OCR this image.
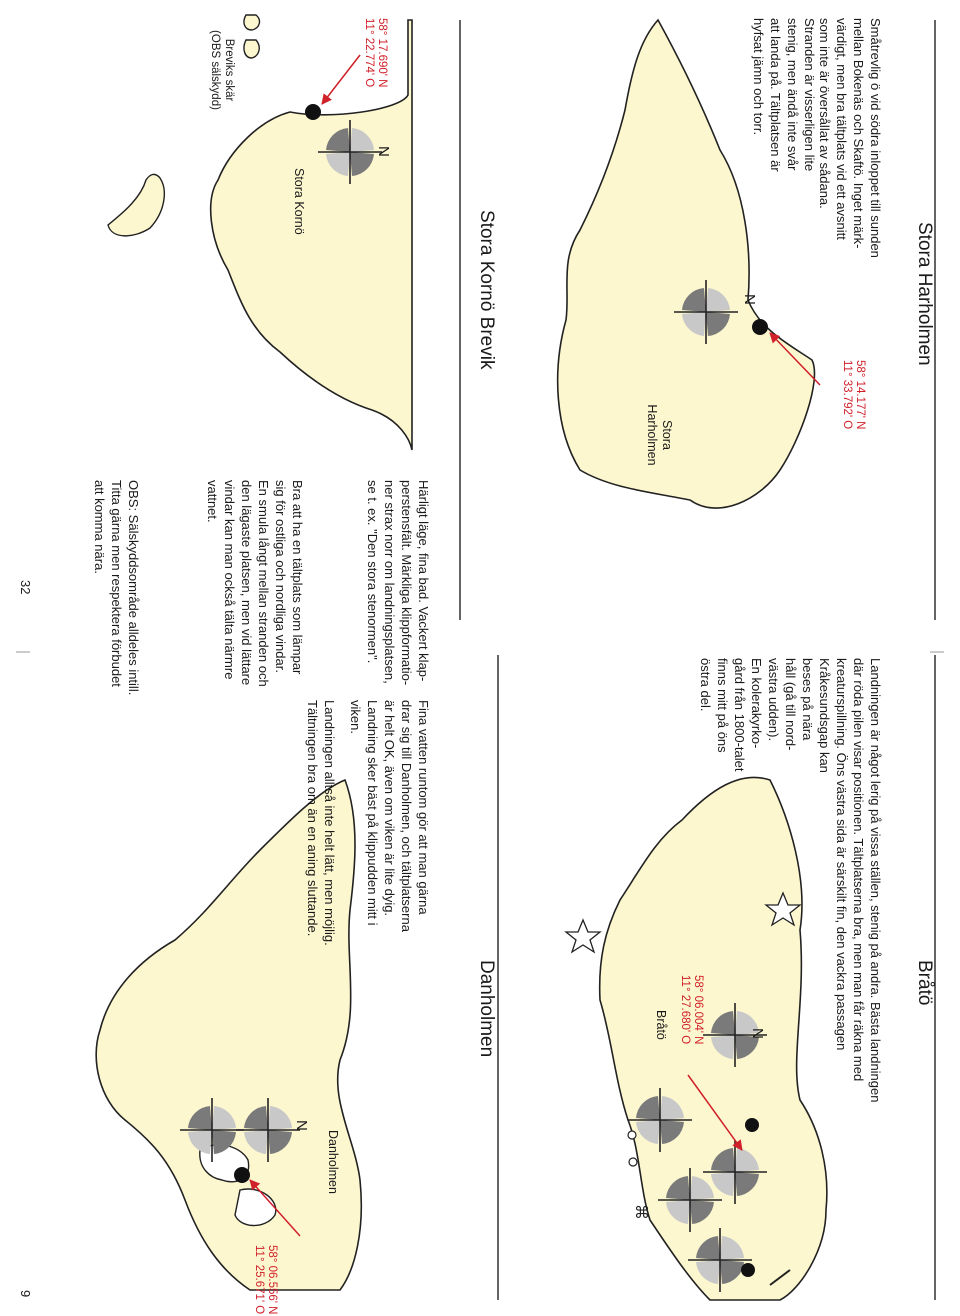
⌘
Stora Harholmen
Småtrevlig ö vid södra inloppet till sunden
mellan Bokenäs och Skaftö. Inget märk-
värdigt, men bra tältplats vid ett avsnitt
som inte är översållat av sådana.
Stranden är visserligen lite
stenig, men ändå inte svår
att landa på. Tältplatsen är
hyfsat jämn och torr.
58° 14.177' N
11° 33.792' O
Stora
Harholmen
N
Stora Kornö Brevik
Härligt läge, fina bad. Vackert klap-
perstensfält. Märkliga klippformatio-
ner strax norr om landningsplatsen,
se t. ex. "Den stora stenormen".
Bra att ha en tältplats som lämpar
sig för ostliga och nordliga vindar.
En smula långt mellan stranden och
den lägaste platsen, men vid lättare
vindar kan man också tälta närmre
vattnet.
OBS: Sälskyddsområde alldeles intill.
Titta gärna men respektera förbudet
att komma nära.
58° 17.690' N
11° 22.774' O
Stora Kornö
Breviks skär
(OBS sälskydd)
N
32
Bråtö
Landningen är något lerig på vissa ställen, stenig på andra. Bästa landningen
där röda pilen visar positionen. Tältplatserna bra, men man får räkna med
kreaturspillning. Öns västra sida är särskilt fin, den vackra passagen
Kråkesundsgap kan
beses på nära
håll (gå till nord-
västra udden).
En kolerakyrko-
gård från 1800-talet
finns mitt på öns
östra del.
58° 06.004' N
11° 27.680' O
Bråtö	N
Danholmen
Fina vatten runtom gör att man gärna
drar sig till Danholmen, och tältplatserna
är helt OK, även om viken är lite dyig.
Landning sker bäst på klippudden mitt i
viken.
Landningen alltså inte helt lätt, men möjlig.
Tältningen bra om än en aning sluttande.
58° 06.556' N
11° 25.671' O
Danholmen
N
9
